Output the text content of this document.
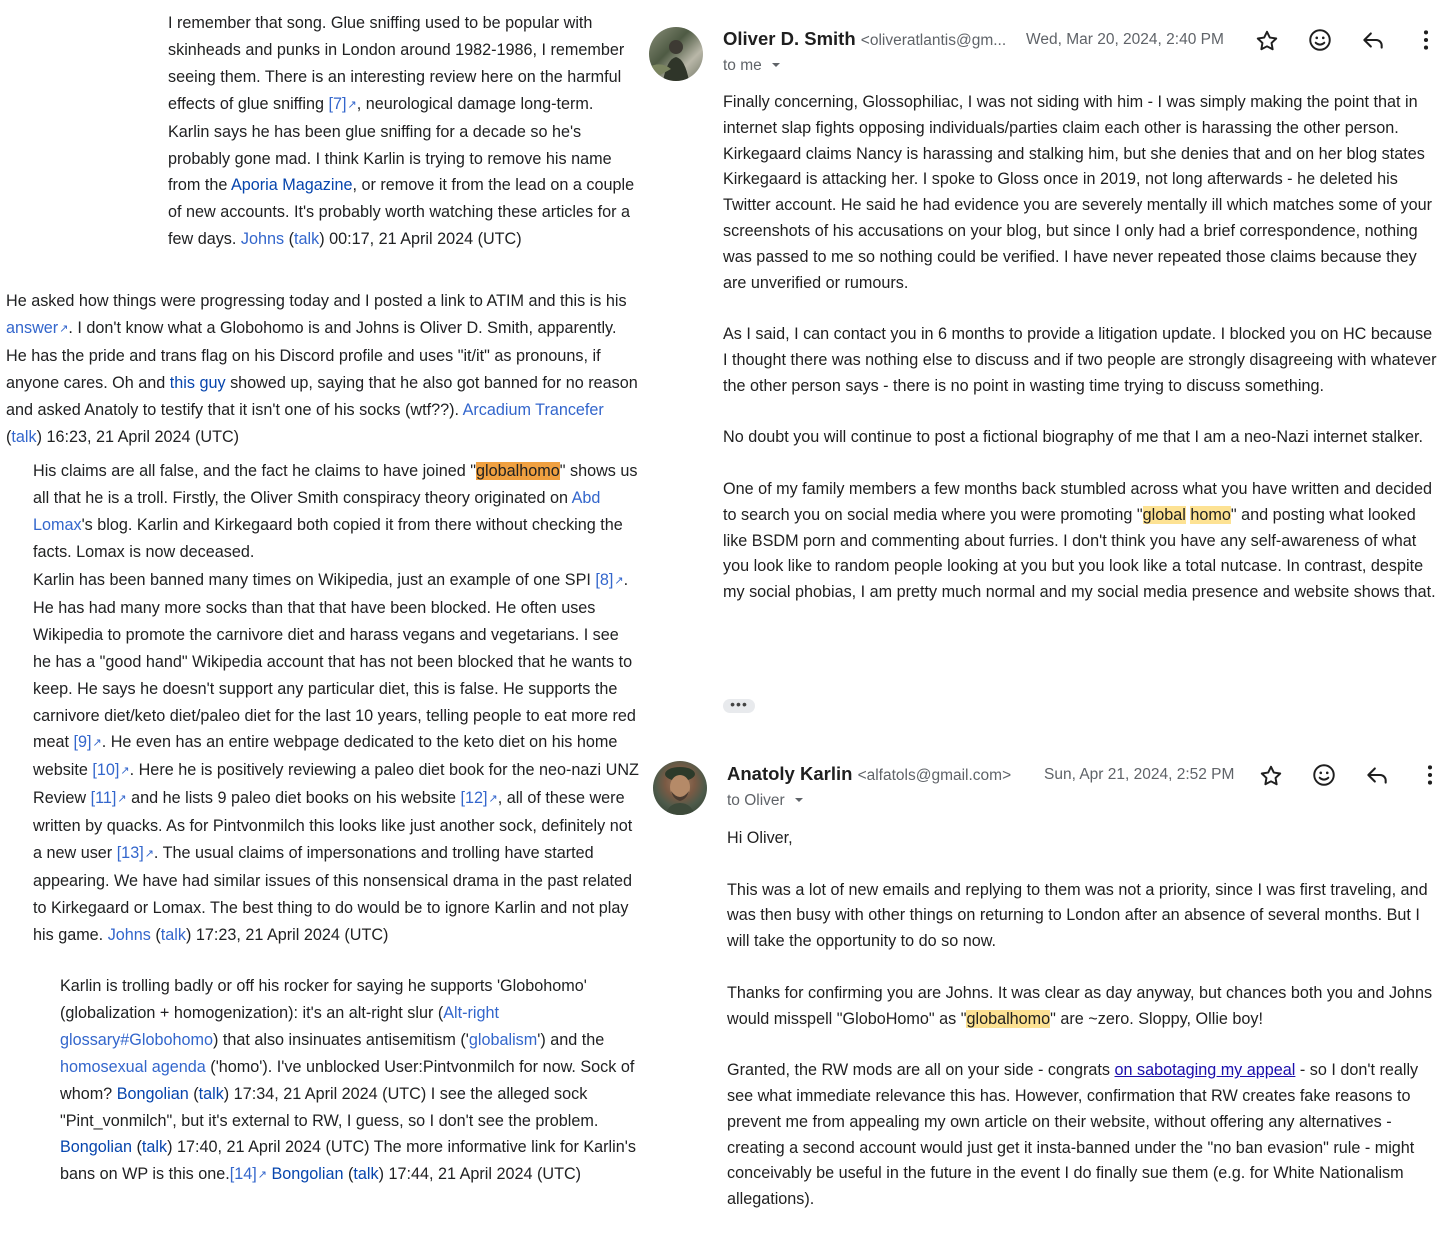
I remember that song. Glue sniffing used to be popular with skinheads and punks in London around 1982-1986, I remember seeing them. There is an interesting review here on the harmful effects of glue sniffing [7] ↗ , neurological damage long-term. Karlin says he has been glue sniffing for a decade so he's probably gone mad. I think Karlin is trying to remove his name from the Aporia Magazine, or remove it from the lead on a couple of new accounts. It's probably worth watching these articles for a few days. Johns (talk) 00:17, 21 April 2024 (UTC)

He asked how things were progressing today and I posted a link to ATIM and this is his answer ↗ . I don't know what a Globohomo is and Johns is Oliver D. Smith, apparently. He has the pride and trans flag on his Discord profile and uses "it/it" as pronouns, if anyone cares. Oh and this guy showed up, saying that he also got banned for no reason and asked Anatoly to testify that it isn't one of his socks (wtf??). Arcadium Trancefer (talk) 16:23, 21 April 2024 (UTC)

His claims are all false, and the fact he claims to have joined "globalhomo" shows us all that he is a troll. Firstly, the Oliver Smith conspiracy theory originated on Abd Lomax's blog. Karlin and Kirkegaard both copied it from there without checking the facts. Lomax is now deceased.

Karlin has been banned many times on Wikipedia, just an example of one SPI [8] ↗ . He has had many more socks than that that have been blocked. He often uses Wikipedia to promote the carnivore diet and harass vegans and vegetarians. I see he has a "good hand" Wikipedia account that has not been blocked that he wants to keep. He says he doesn't support any particular diet, this is false. He supports the carnivore diet/keto diet/paleo diet for the last 10 years, telling people to eat more red meat [9] ↗ . He even has an entire webpage dedicated to the keto diet on his home website [10] ↗ . Here he is positively reviewing a paleo diet book for the neo-nazi UNZ Review [11] ↗ and he lists 9 paleo diet books on his website [12] ↗ , all of these were written by quacks. As for Pintvonmilch this looks like just another sock, definitely not a new user [13] ↗ . The usual claims of impersonations and trolling have started appearing. We have had similar issues of this nonsensical drama in the past related to Kirkegaard or Lomax. The best thing to do would be to ignore Karlin and not play his game. Johns (talk) 17:23, 21 April 2024 (UTC)

Karlin is trolling badly or off his rocker for saying he supports 'Globohomo' (globalization + homogenization): it's an alt-right slur (Alt-right glossary#Globohomo) that also insinuates antisemitism ('globalism') and the homosexual agenda ('homo'). I've unblocked User:Pintvonmilch for now. Sock of whom? Bongolian (talk) 17:34, 21 April 2024 (UTC) I see the alleged sock "Pint_vonmilch", but it's external to RW, I guess, so I don't see the problem. Bongolian (talk) 17:40, 21 April 2024 (UTC) The more informative link for Karlin's bans on WP is this one.[14] ↗ Bongolian (talk) 17:44, 21 April 2024 (UTC)

Oliver D. Smith <oliveratlantis@gm... Wed, Mar 20, 2024, 2:40 PM
to me

Finally concerning, Glossophiliac, I was not siding with him - I was simply making the point that in internet slap fights opposing individuals/parties claim each other is harassing the other person. Kirkegaard claims Nancy is harassing and stalking him, but she denies that and on her blog states Kirkegaard is attacking her. I spoke to Gloss once in 2019, not long afterwards - he deleted his Twitter account. He said he had evidence you are severely mentally ill which matches some of your screenshots of his accusations on your blog, but since I only had a brief correspondence, nothing was passed to me so nothing could be verified. I have never repeated those claims because they are unverified or rumours.

As I said, I can contact you in 6 months to provide a litigation update. I blocked you on HC because I thought there was nothing else to discuss and if two people are strongly disagreeing with whatever the other person says - there is no point in wasting time trying to discuss something.

No doubt you will continue to post a fictional biography of me that I am a neo-Nazi internet stalker.

One of my family members a few months back stumbled across what you have written and decided to search you on social media where you were promoting "global homo" and posting what looked like BSDM porn and commenting about furries. I don't think you have any self-awareness of what you look like to random people looking at you but you look like a total nutcase. In contrast, despite my social phobias, I am pretty much normal and my social media presence and website shows that.

•••
Anatoly Karlin <alfatols@gmail.com> Sun, Apr 21, 2024, 2:52 PM
to Oliver

Hi Oliver,

This was a lot of new emails and replying to them was not a priority, since I was first traveling, and was then busy with other things on returning to London after an absence of several months. But I will take the opportunity to do so now.

Thanks for confirming you are Johns. It was clear as day anyway, but chances both you and Johns would misspell "GloboHomo" as "globalhomo" are ~zero. Sloppy, Ollie boy!

Granted, the RW mods are all on your side - congrats on sabotaging my appeal - so I don't really see what immediate relevance this has. However, confirmation that RW creates fake reasons to prevent me from appealing my own article on their website, without offering any alternatives - creating a second account would just get it insta-banned under the "no ban evasion" rule - might conceivably be useful in the future in the event I do finally sue them (e.g. for White Nationalism allegations).
